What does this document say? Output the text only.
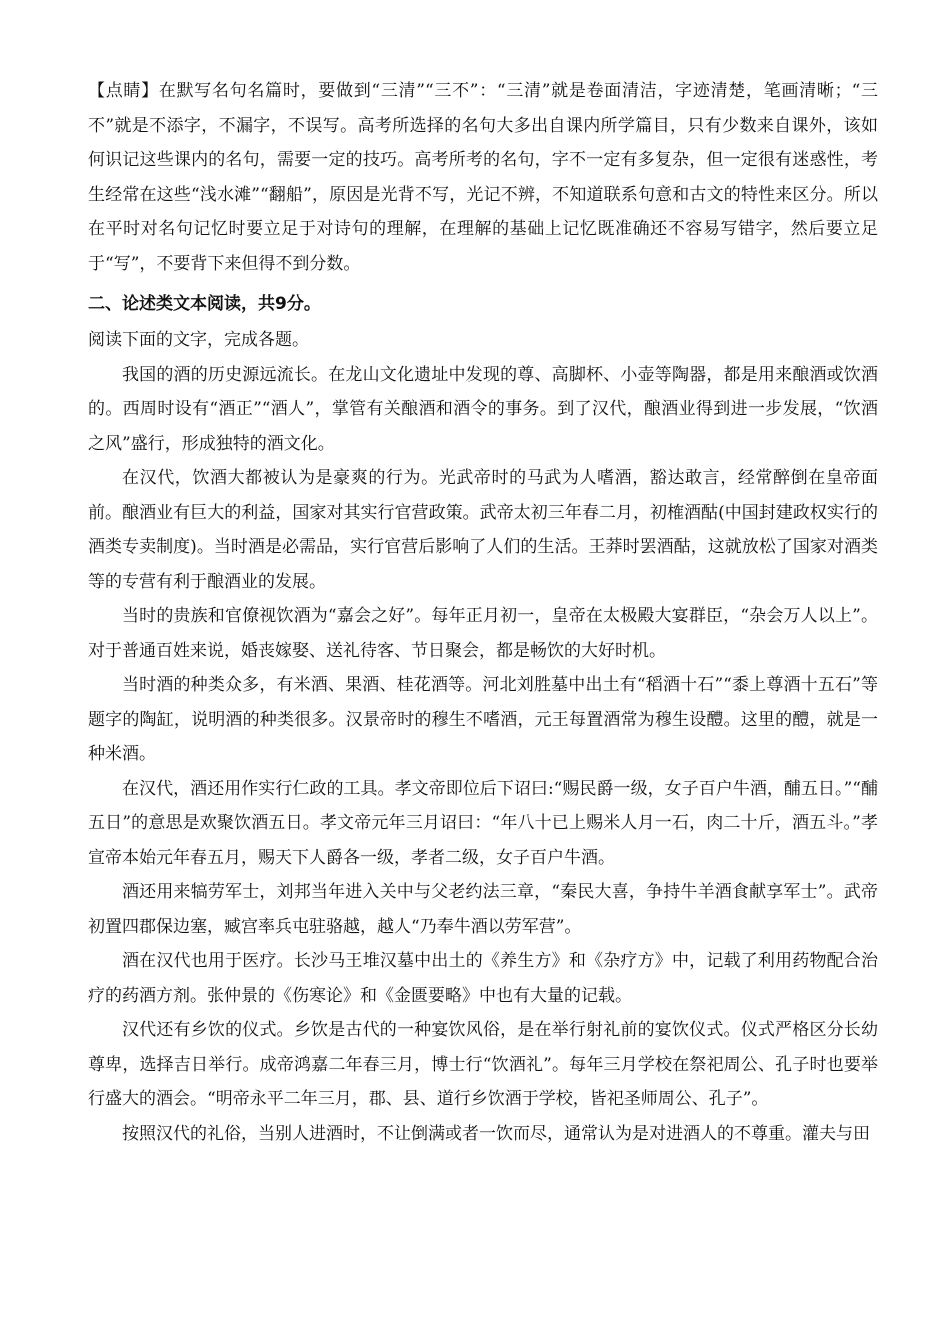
【点睛】在默写名句名篇时，要做到“三清”“三不”：“三清”就是卷面清洁，字迹清楚，笔画清晰；“三不”就是不添字，不漏字，不误写。高考所选择的名句大多出自课内所学篇目，只有少数来自课外，该如何识记这些课内的名句，需要一定的技巧。高考所考的名句，字不一定有多复杂，但一定很有迷惑性，考生经常在这些“浅水滩”“翻船”，原因是光背不写，光记不辨，不知道联系句意和古文的特性来区分。所以在平时对名句记忆时要立足于对诗句的理解，在理解的基础上记忆既准确还不容易写错字，然后要立足于“写”，不要背下来但得不到分数。

二、论述类文本阅读，共9分。

阅读下面的文字，完成各题。

我国的酒的历史源远流长。在龙山文化遗址中发现的尊、高脚杯、小壶等陶器，都是用来酿酒或饮酒的。西周时设有“酒正”“酒人”，掌管有关酿酒和酒令的事务。到了汉代，酿酒业得到进一步发展，“饮酒之风”盛行，形成独特的酒文化。

在汉代，饮酒大都被认为是豪爽的行为。光武帝时的马武为人嗜酒，豁达敢言，经常醉倒在皇帝面前。酿酒业有巨大的利益，国家对其实行官营政策。武帝太初三年春二月，初榷酒酤(中国封建政权实行的酒类专卖制度)。当时酒是必需品，实行官营后影响了人们的生活。王莽时罢酒酤，这就放松了国家对酒类等的专营有利于酿酒业的发展。

当时的贵族和官僚视饮酒为“嘉会之好”。每年正月初一，皇帝在太极殿大宴群臣，“杂会万人以上”。对于普通百姓来说，婚丧嫁娶、送礼待客、节日聚会，都是畅饮的大好时机。

当时酒的种类众多，有米酒、果酒、桂花酒等。河北刘胜墓中出土有“稻酒十石”“黍上尊酒十五石”等题字的陶缸，说明酒的种类很多。汉景帝时的穆生不嗜酒，元王每置酒常为穆生设醴。这里的醴，就是一种米酒。

在汉代，酒还用作实行仁政的工具。孝文帝即位后下诏曰:“赐民爵一级，女子百户牛酒，酺五日。”“酺五日”的意思是欢聚饮酒五日。孝文帝元年三月诏曰：“年八十已上赐米人月一石，肉二十斤，酒五斗。”孝宣帝本始元年春五月，赐天下人爵各一级，孝者二级，女子百户牛酒。

酒还用来犒劳军士，刘邦当年进入关中与父老约法三章，“秦民大喜，争持牛羊酒食献享军士”。武帝初置四郡保边塞，臧宫率兵屯驻骆越，越人“乃奉牛酒以劳军营”。

酒在汉代也用于医疗。长沙马王堆汉墓中出土的《养生方》和《杂疗方》中，记载了利用药物配合治疗的药酒方剂。张仲景的《伤寒论》和《金匮要略》中也有大量的记载。

汉代还有乡饮的仪式。乡饮是古代的一种宴饮风俗，是在举行射礼前的宴饮仪式。仪式严格区分长幼尊卑，选择吉日举行。成帝鸿嘉二年春三月，博士行“饮酒礼”。每年三月学校在祭祀周公、孔子时也要举行盛大的酒会。“明帝永平二年三月，郡、县、道行乡饮酒于学校，皆祀圣师周公、孔子”。

按照汉代的礼俗，当别人进酒时，不让倒满或者一饮而尽，通常认为是对进酒人的不尊重。灌夫与田
